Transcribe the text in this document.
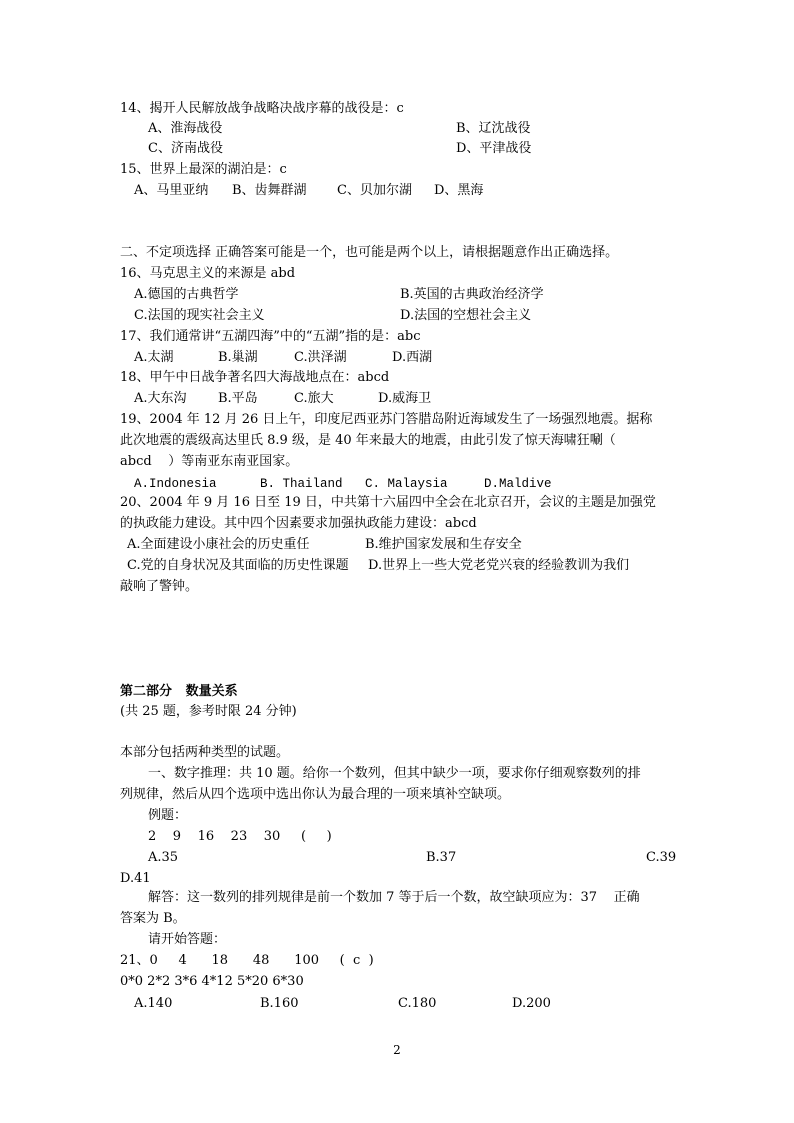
14、揭开人民解放战争战略决战序幕的战役是：c
A、淮海战役	B、辽沈战役
C、济南战役	D、平津战役
15、世界上最深的湖泊是：c
A、马里亚纳 B、齿舞群湖 C、贝加尔湖 D、黑海
二、不定项选择 正确答案可能是一个，也可能是两个以上，请根据题意作出正确选择。
16、马克思主义的来源是 abd
A.德国的古典哲学	B.英国的古典政治经济学
C.法国的现实社会主义	D.法国的空想社会主义
17、我们通常讲“五湖四海”中的“五湖”指的是：abc
A.太湖	B.巢湖	C.洪泽湖	D.西湖
18、甲午中日战争著名四大海战地点在：abcd
A.大东沟 B.平岛	C.旅大	D.威海卫
19、2004 年 12 月 26 日上午，印度尼西亚苏门答腊岛附近海域发生了一场强烈地震。据称
此次地震的震级高达里氏 8.9 级，是 40 年来最大的地震，由此引发了惊天海啸狂唰（
abcd    ）等南亚东南亚国家。
A.Indonesia	B. Thailand C. Malaysia	D.Maldive
20、2004 年 9 月 16 日至 19 日，中共第十六届四中全会在北京召开，会议的主题是加强党
的执政能力建设。其中四个因素要求加强执政能力建设：abcd
A.全面建设小康社会的历史重任	B.维护国家发展和生存安全
C.党的自身状况及其面临的历史性课题 D.世界上一些大党老党兴衰的经验教训为我们
敲响了警钟。
第二部分   数量关系
(共 25 题，参考时限 24 分钟)
本部分包括两种类型的试题。
一、数字推理：共 10 题。给你一个数列，但其中缺少一项，要求你仔细观察数列的排
列规律，然后从四个选项中选出你认为最合理的一项来填补空缺项。
例题：
2    9    16    23    30     (     )
A.35	B.37	C.39
D.41
解答：这一数列的排列规律是前一个数加 7 等于后一个数，故空缺项应为：37    正确
答案为 B。
请开始答题：
21、0     4      18      48      100     (  c  )
0*0 2*2 3*6 4*12 5*20 6*30
A.140	B.160	C.180	D.200
2
